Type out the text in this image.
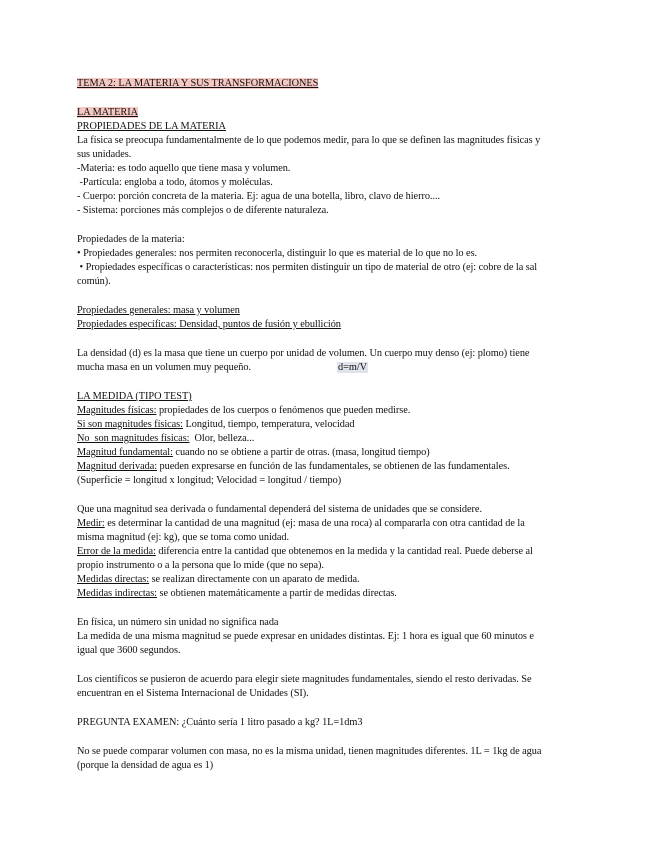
TEMA 2: LA MATERIA Y SUS TRANSFORMACIONES
LA MATERIA
PROPIEDADES DE LA MATERIA
La física se preocupa fundamentalmente de lo que podemos medir, para lo que se definen las magnitudes físicas y
sus unidades.
-Materia: es todo aquello que tiene masa y volumen.
-Partícula: engloba a todo, átomos y moléculas.
- Cuerpo: porción concreta de la materia. Ej: agua de una botella, libro, clavo de hierro....
- Sistema: porciones más complejos o de diferente naturaleza.
Propiedades de la materia:
• Propiedades generales: nos permiten reconocerla, distinguir lo que es material de lo que no lo es.
• Propiedades específicas o características: nos permiten distinguir un tipo de material de otro (ej: cobre de la sal
común).
Propiedades generales: masa y volumen
Propiedades específicas: Densidad, puntos de fusión y ebullición
La densidad (d) es la masa que tiene un cuerpo por unidad de volumen. Un cuerpo muy denso (ej: plomo) tiene
mucha masa en un volumen muy pequeño.	d=m/V
LA MEDIDA (TIPO TEST)
Magnitudes físicas: propiedades de los cuerpos o fenómenos que pueden medirse.
Si son magnitudes físicas: Longitud, tiempo, temperatura, velocidad
No  son magnitudes físicas:  Olor, belleza...
Magnitud fundamental: cuando no se obtiene a partir de otras. (masa, longitud tiempo)
Magnitud derivada: pueden expresarse en función de las fundamentales, se obtienen de las fundamentales.
(Superficie = longitud x longitud; Velocidad = longitud / tiempo)
Que una magnitud sea derivada o fundamental dependerá del sistema de unidades que se considere.
Medir: es determinar la cantidad de una magnitud (ej: masa de una roca) al compararla con otra cantidad de la
misma magnitud (ej: kg), que se toma como unidad.
Error de la medida: diferencia entre la cantidad que obtenemos en la medida y la cantidad real. Puede deberse al
propio instrumento o a la persona que lo mide (que no sepa).
Medidas directas: se realizan directamente con un aparato de medida.
Medidas indirectas: se obtienen matemáticamente a partir de medidas directas.
En física, un número sin unidad no significa nada
La medida de una misma magnitud se puede expresar en unidades distintas. Ej: 1 hora es igual que 60 minutos e
igual que 3600 segundos.
Los científicos se pusieron de acuerdo para elegir siete magnitudes fundamentales, siendo el resto derivadas. Se
encuentran en el Sistema Internacional de Unidades (SI).
PREGUNTA EXAMEN: ¿Cuánto sería 1 litro pasado a kg? 1L=1dm3
No se puede comparar volumen con masa, no es la misma unidad, tienen magnitudes diferentes. 1L = 1kg de agua
(porque la densidad de agua es 1)
